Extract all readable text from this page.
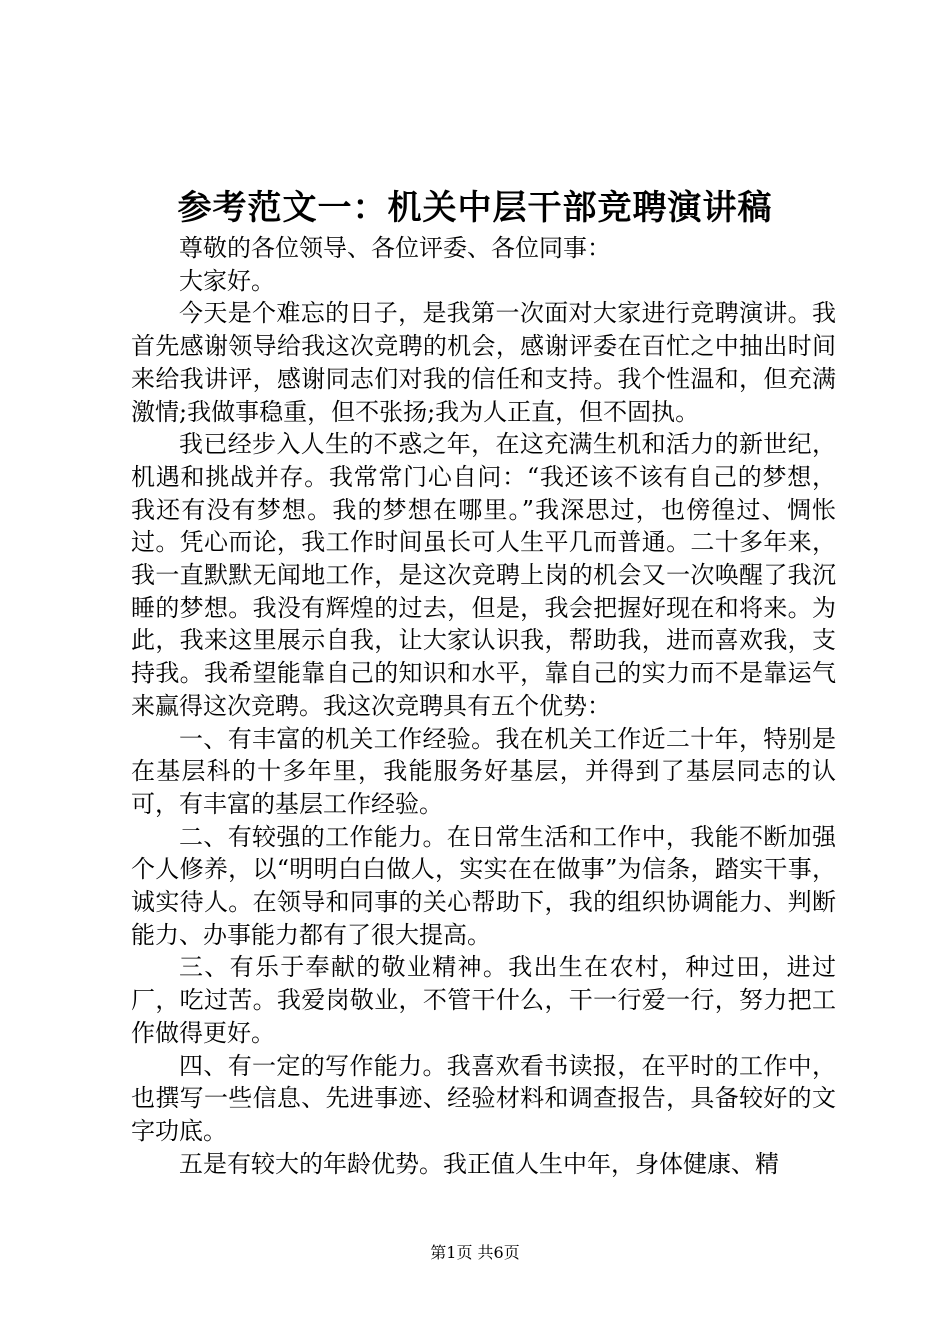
参考范文一：机关中层干部竞聘演讲稿

尊敬的各位领导、各位评委、各位同事：

大家好。

今天是个难忘的日子，是我第一次面对大家进行竞聘演讲。我首先感谢领导给我这次竞聘的机会，感谢评委在百忙之中抽出时间来给我讲评，感谢同志们对我的信任和支持。我个性温和，但充满激情;我做事稳重，但不张扬;我为人正直，但不固执。

我已经步入人生的不惑之年，在这充满生机和活力的新世纪，机遇和挑战并存。我常常门心自问：“我还该不该有自己的梦想，我还有没有梦想。我的梦想在哪里。”我深思过，也傍徨过、惆怅过。凭心而论，我工作时间虽长可人生平几而普通。二十多年来，我一直默默无闻地工作，是这次竞聘上岗的机会又一次唤醒了我沉睡的梦想。我没有辉煌的过去，但是，我会把握好现在和将来。为此，我来这里展示自我，让大家认识我，帮助我，进而喜欢我，支持我。我希望能靠自己的知识和水平，靠自己的实力而不是靠运气来赢得这次竞聘。我这次竞聘具有五个优势：

一、有丰富的机关工作经验。我在机关工作近二十年，特别是在基层科的十多年里，我能服务好基层，并得到了基层同志的认可，有丰富的基层工作经验。

二、有较强的工作能力。在日常生活和工作中，我能不断加强个人修养，以“明明白白做人，实实在在做事”为信条，踏实干事，诚实待人。在领导和同事的关心帮助下，我的组织协调能力、判断能力、办事能力都有了很大提高。

三、有乐于奉献的敬业精神。我出生在农村，种过田，进过厂，吃过苦。我爱岗敬业，不管干什么，干一行爱一行，努力把工作做得更好。

四、有一定的写作能力。我喜欢看书读报，在平时的工作中，也撰写一些信息、先进事迹、经验材料和调查报告，具备较好的文字功底。

五是有较大的年龄优势。我正值人生中年，身体健康、精

第1页 共6页
